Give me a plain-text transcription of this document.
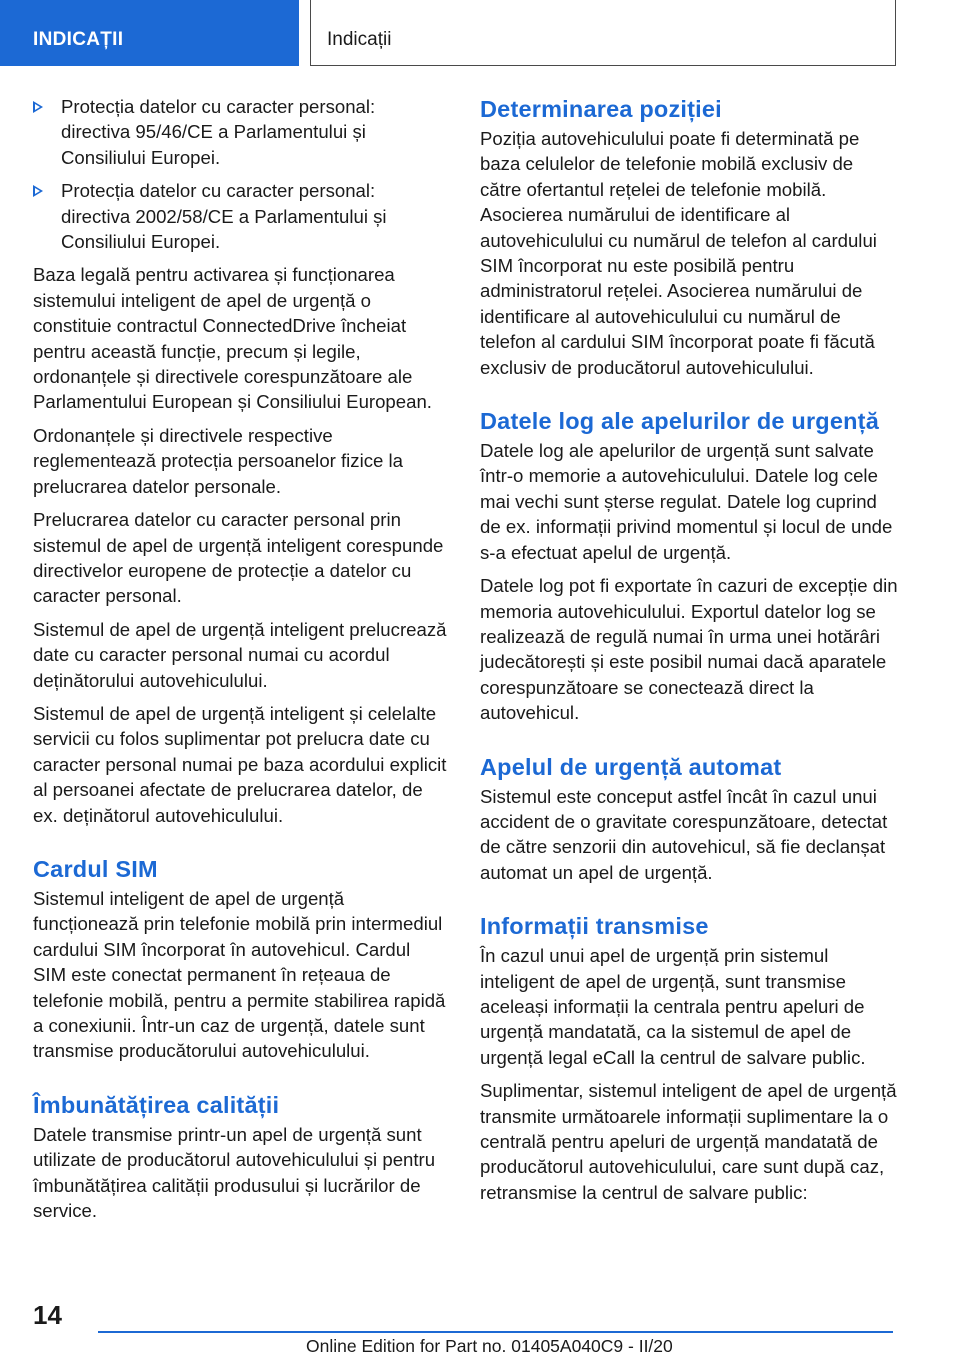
INDICAȚII	Indicații
Protecția datelor cu caracter personal: directiva 95/46/CE a Parlamentului și Consiliului Europei.
Protecția datelor cu caracter personal: directiva 2002/58/CE a Parlamentului și Consiliului Europei.

Baza legală pentru activarea și funcționarea sistemului inteligent de apel de urgență o constituie contractul ConnectedDrive încheiat pentru această funcție, precum și legile, ordonanțele și directivele corespunzătoare ale Parlamentului European și Consiliului European.

Ordonanțele și directivele respective reglementează protecția persoanelor fizice la prelucrarea datelor personale.

Prelucrarea datelor cu caracter personal prin sistemul de apel de urgență inteligent corespunde directivelor europene de protecție a datelor cu caracter personal.

Sistemul de apel de urgență inteligent prelucrează date cu caracter personal numai cu acordul deținătorului autovehiculului.

Sistemul de apel de urgență inteligent și celelalte servicii cu folos suplimentar pot prelucra date cu caracter personal numai pe baza acordului explicit al persoanei afectate de prelucrarea datelor, de ex. deținătorul autovehiculului.

Cardul SIM

Sistemul inteligent de apel de urgență funcționează prin telefonie mobilă prin intermediul cardului SIM încorporat în autovehicul. Cardul SIM este conectat permanent în rețeaua de telefonie mobilă, pentru a permite stabilirea rapidă a conexiunii. Într-un caz de urgență, datele sunt transmise producătorului autovehiculului.

Îmbunătățirea calității

Datele transmise printr-un apel de urgență sunt utilizate de producătorul autovehiculului și pentru îmbunătățirea calității produsului și lucrărilor de service.

Determinarea poziției

Poziția autovehiculului poate fi determinată pe baza celulelor de telefonie mobilă exclusiv de către ofertantul rețelei de telefonie mobilă. Asocierea numărului de identificare al autovehiculului cu numărul de telefon al cardului SIM încorporat nu este posibilă pentru administratorul rețelei. Asocierea numărului de identificare al autovehiculului cu numărul de telefon al cardului SIM încorporat poate fi făcută exclusiv de producătorul autovehiculului.

Datele log ale apelurilor de urgență

Datele log ale apelurilor de urgență sunt salvate într-o memorie a autovehiculului. Datele log cele mai vechi sunt șterse regulat. Datele log cuprind de ex. informații privind momentul și locul de unde s-a efectuat apelul de urgență.

Datele log pot fi exportate în cazuri de excepție din memoria autovehiculului. Exportul datelor log se realizează de regulă numai în urma unei hotărâri judecătorești și este posibil numai dacă aparatele corespunzătoare se conectează direct la autovehicul.

Apelul de urgență automat

Sistemul este conceput astfel încât în cazul unui accident de o gravitate corespunzătoare, detectat de către senzorii din autovehicul, să fie declanșat automat un apel de urgență.

Informații transmise

În cazul unui apel de urgență prin sistemul inteligent de apel de urgență, sunt transmise aceleași informații la centrala pentru apeluri de urgență mandatată, ca la sistemul de apel de urgență legal eCall la centrul de salvare public.

Suplimentar, sistemul inteligent de apel de urgență transmite următoarele informații suplimentare la o centrală pentru apeluri de urgență mandatată de producătorul autovehiculului, care sunt după caz, retransmise la centrul de salvare public:

14
Online Edition for Part no. 01405A040C9 - II/20
